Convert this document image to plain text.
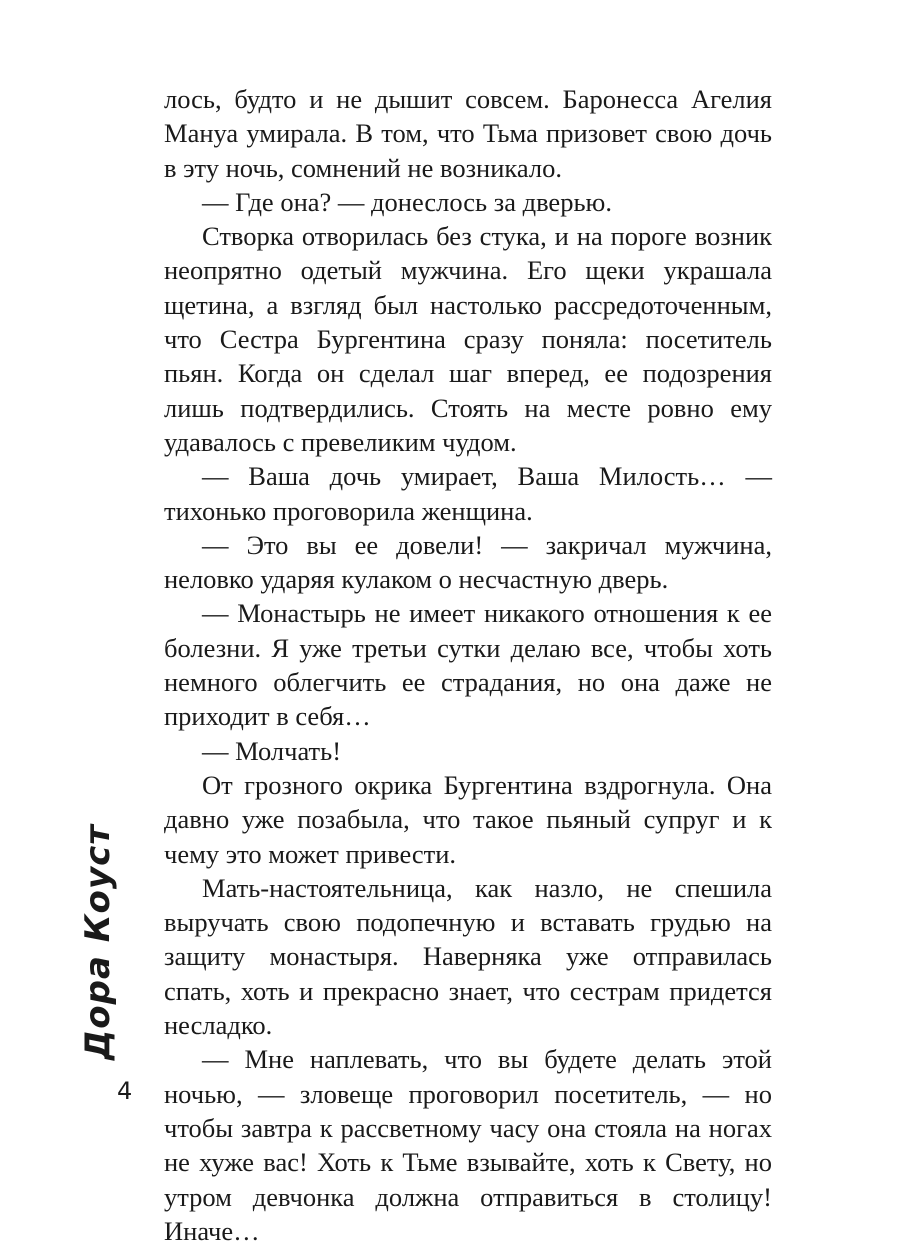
лось, будто и не дышит совсем. Баронесса Агелия Мануа умирала. В том, что Тьма призовет свою дочь в эту ночь, сомнений не возникало.

— Где она? — донеслось за дверью.

Створка отворилась без стука, и на пороге возник неопрятно одетый мужчина. Его щеки украшала щетина, а взгляд был настолько рассредоточенным, что Сестра Бургентина сразу поняла: посетитель пьян. Когда он сделал шаг вперед, ее подозрения лишь подтвердились. Стоять на месте ровно ему удавалось с превеликим чудом.

— Ваша дочь умирает, Ваша Милость… — тихонько проговорила женщина.

— Это вы ее довели! — закричал мужчина, неловко ударяя кулаком о несчастную дверь.

— Монастырь не имеет никакого отношения к ее болезни. Я уже третьи сутки делаю все, чтобы хоть немного облегчить ее страдания, но она даже не приходит в себя…

— Молчать!

От грозного окрика Бургентина вздрогнула. Она давно уже позабыла, что такое пьяный супруг и к чему это может привести.

Мать-настоятельница, как назло, не спешила выручать свою подопечную и вставать грудью на защиту монастыря. Наверняка уже отправилась спать, хоть и прекрасно знает, что сестрам придется несладко.

— Мне наплевать, что вы будете делать этой ночью, — зловеще проговорил посетитель, — но чтобы завтра к рассветному часу она стояла на ногах не хуже вас! Хоть к Тьме взывайте, хоть к Свету, но утром девчонка должна отправиться в столицу! Иначе…

Дора Коуст
4
